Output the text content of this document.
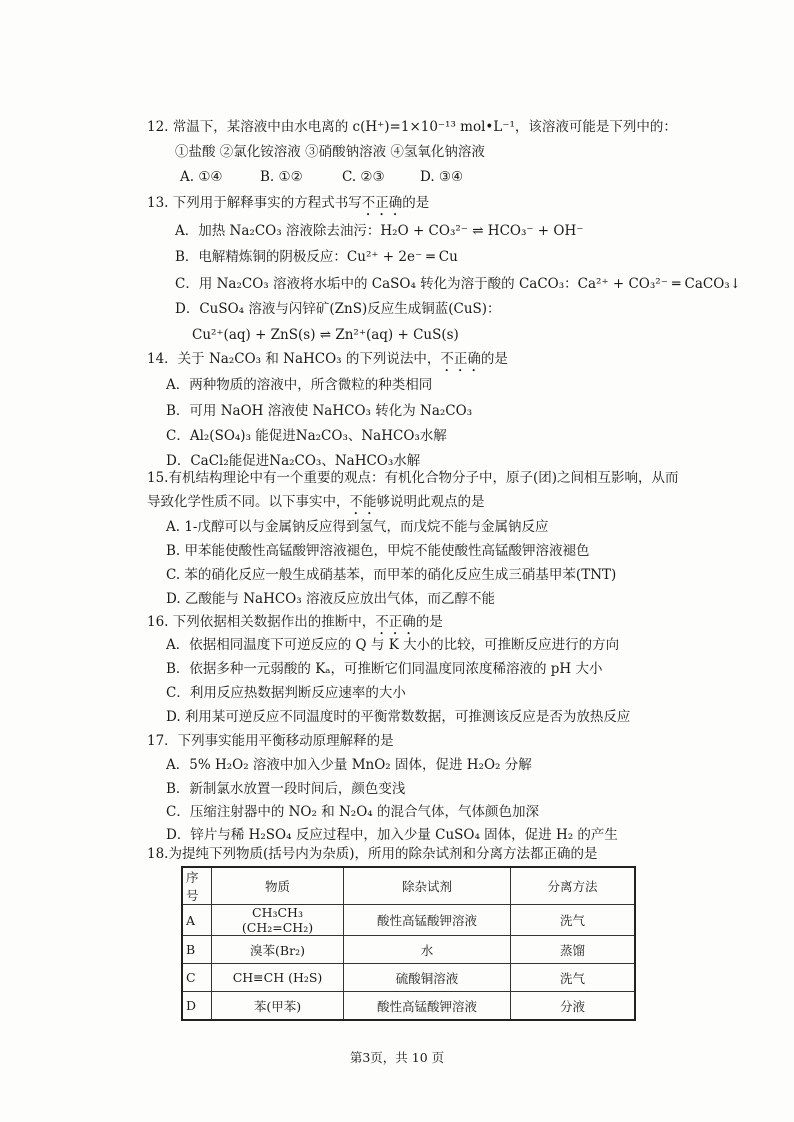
12. 常温下，某溶液中由水电离的 c(H⁺)=1×10⁻¹³ mol•L⁻¹，该溶液可能是下列中的：
①盐酸 ②氯化铵溶液 ③硝酸钠溶液 ④氢氧化钠溶液
A. ①④	B. ①②	C. ②③	D. ③④
13. 下列用于解释事实的方程式书写不正确的是
A．加热 Na₂CO₃ 溶液除去油污：H₂O + CO₃²⁻ ⇌ HCO₃⁻ + OH⁻
B．电解精炼铜的阴极反应：Cu²⁺ + 2e⁻ ═ Cu
C．用 Na₂CO₃ 溶液将水垢中的 CaSO₄ 转化为溶于酸的 CaCO₃：Ca²⁺ + CO₃²⁻ ═ CaCO₃↓
D．CuSO₄ 溶液与闪锌矿(ZnS)反应生成铜蓝(CuS)：
Cu²⁺(aq) + ZnS(s) ⇌ Zn²⁺(aq) + CuS(s)
14．关于 Na₂CO₃ 和 NaHCO₃ 的下列说法中，不正确的是
A．两种物质的溶液中，所含微粒的种类相同
B．可用 NaOH 溶液使 NaHCO₃ 转化为 Na₂CO₃
C．Al₂(SO₄)₃ 能促进Na₂CO₃、NaHCO₃水解
D．CaCl₂能促进Na₂CO₃、NaHCO₃水解
15.有机结构理论中有一个重要的观点：有机化合物分子中，原子(团)之间相互影响，从而
导致化学性质不同。以下事实中，不能够说明此观点的是
A. 1-戊醇可以与金属钠反应得到氢气，而戊烷不能与金属钠反应
B. 甲苯能使酸性高锰酸钾溶液褪色，甲烷不能使酸性高锰酸钾溶液褪色
C. 苯的硝化反应一般生成硝基苯，而甲苯的硝化反应生成三硝基甲苯(TNT)
D. 乙酸能与 NaHCO₃ 溶液反应放出气体，而乙醇不能
16. 下列依据相关数据作出的推断中，不正确的是
A．依据相同温度下可逆反应的 Q 与 K 大小的比较，可推断反应进行的方向
B．依据多种一元弱酸的 Kₐ，可推断它们同温度同浓度稀溶液的 pH 大小
C．利用反应热数据判断反应速率的大小
D. 利用某可逆反应不同温度时的平衡常数数据，可推测该反应是否为放热反应
17．下列事实能用平衡移动原理解释的是
A．5% H₂O₂ 溶液中加入少量 MnO₂ 固体，促进 H₂O₂ 分解
B．新制氯水放置一段时间后，颜色变浅
C．压缩注射器中的 NO₂ 和 N₂O₄ 的混合气体，气体颜色加深
D．锌片与稀 H₂SO₄ 反应过程中，加入少量 CuSO₄ 固体，促进 H₂ 的产生
18.为提纯下列物质(括号内为杂质)，所用的除杂试剂和分离方法都正确的是
序号	物质	除杂试剂	分离方法
A	CH₃CH₃ (CH₂=CH₂)	酸性高锰酸钾溶液	洗气
B	溴苯(Br₂)	水	蒸馏
C	CH≡CH (H₂S)	硫酸铜溶液	洗气
D	苯(甲苯)	酸性高锰酸钾溶液	分液
第3页，共 10 页
